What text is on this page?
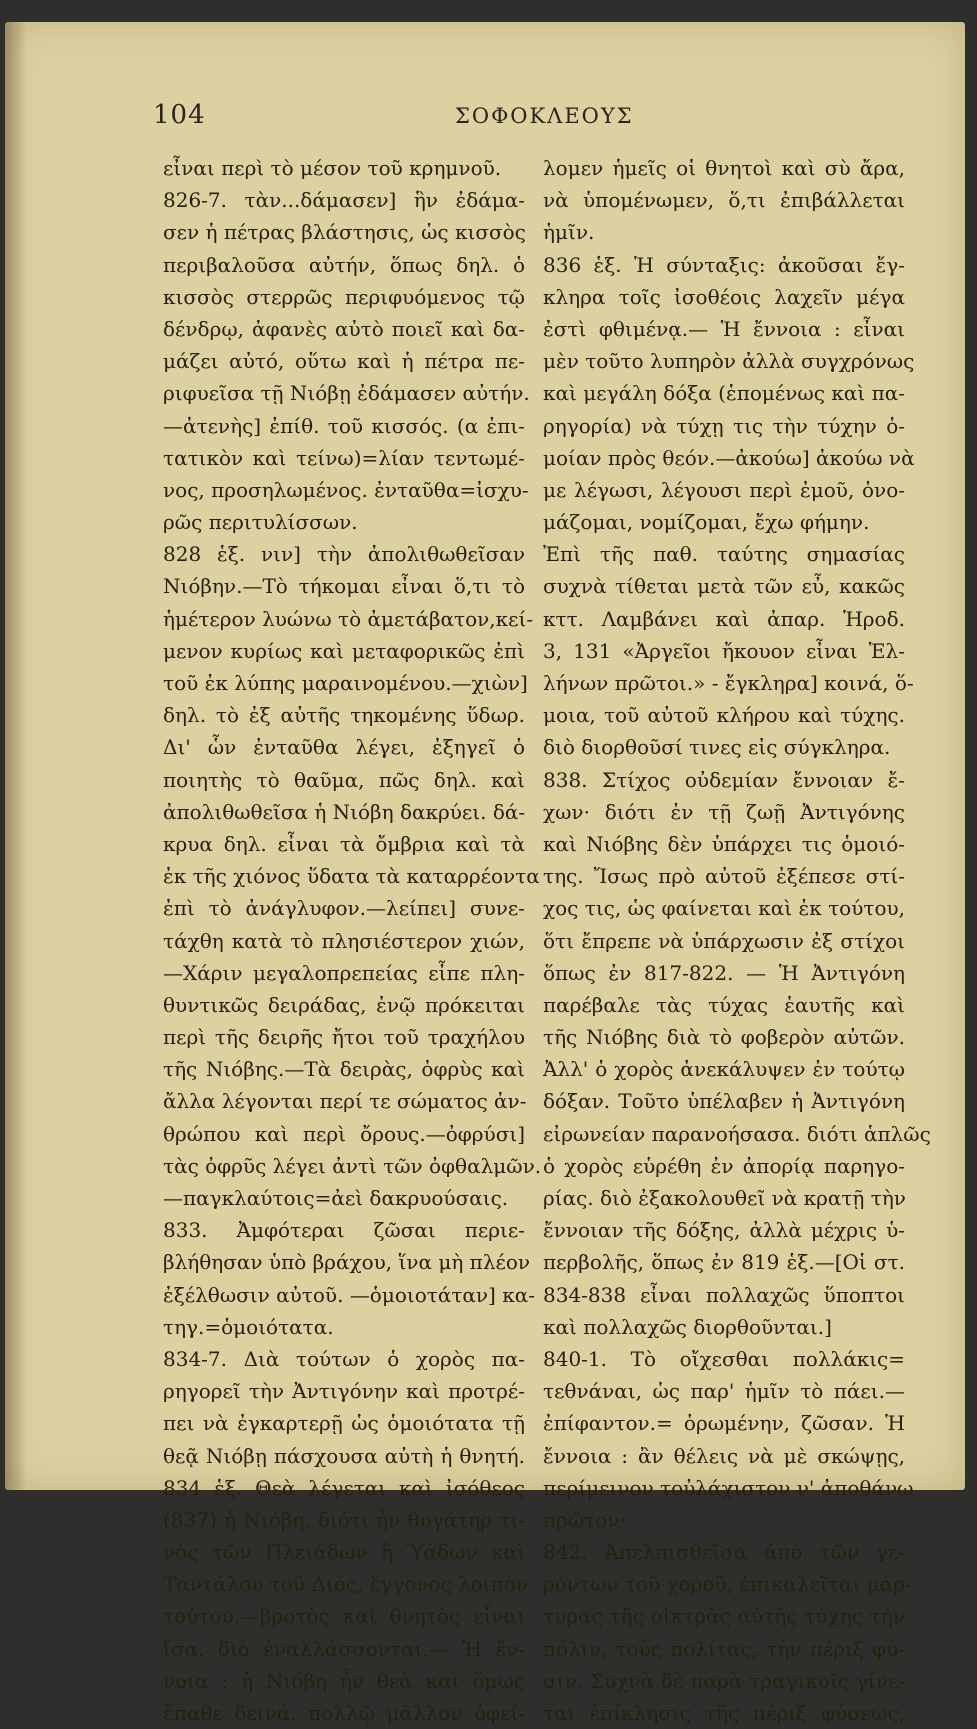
104	ΣΟΦΟΚΛΕΟΥΣ
εἶναι περὶ τὸ μέσον τοῦ κρημνοῦ.
826-7. τὰν...δάμασεν] ἣν ἐδάμα-
σεν ἡ πέτρας βλάστησις, ὡς κισσὸς
περιβαλοῦσα αὐτήν, ὅπως δηλ. ὁ
κισσὸς στερρῶς περιφυόμενος τῷ
δένδρῳ, ἀφανὲς αὐτὸ ποιεῖ καὶ δα-
μάζει αὐτό, οὕτω καὶ ἡ πέτρα πε-
ριφυεῖσα τῇ Νιόβῃ ἐδάμασεν αὐτήν.
—ἀτενὴς] ἐπίθ. τοῦ κισσός. (α ἐπι-
τατικὸν καὶ τείνω)=λίαν τεντωμέ-
νος, προσηλωμένος. ἐνταῦθα=ἰσχυ-
ρῶς περιτυλίσσων.
828 ἑξ. νιν] τὴν ἀπολιθωθεῖσαν
Νιόβην.—Τὸ τήκομαι εἶναι ὅ,τι τὸ
ἡμέτερον λυώνω τὸ ἀμετάβατον,κεί-
μενον κυρίως καὶ μεταφορικῶς ἐπὶ
τοῦ ἐκ λύπης μαραινομένου.—χιὼν]
δηλ. τὸ ἐξ αὐτῆς τηκομένης ὕδωρ.
Δι' ὧν ἐνταῦθα λέγει, ἐξηγεῖ ὁ
ποιητὴς τὸ θαῦμα, πῶς δηλ. καὶ
ἀπολιθωθεῖσα ἡ Νιόβη δακρύει. δά-
κρυα δηλ. εἶναι τὰ ὄμβρια καὶ τὰ
ἐκ τῆς χιόνος ὕδατα τὰ καταρρέοντα
ἐπὶ τὸ ἀνάγλυφον.—λείπει] συνε-
τάχθη κατὰ τὸ πλησιέστερον χιών,
—Χάριν μεγαλοπρεπείας εἶπε πλη-
θυντικῶς δειράδας, ἐνῷ πρόκειται
περὶ τῆς δειρῆς ἤτοι τοῦ τραχήλου
τῆς Νιόβης.—Τὰ δειρὰς, ὀφρὺς καὶ
ἄλλα λέγονται περί τε σώματος ἀν-
θρώπου καὶ περὶ ὄρους.—ὀφρύσι]
τὰς ὀφρῦς λέγει ἀντὶ τῶν ὀφθαλμῶν.
—παγκλαύτοις=ἀεὶ δακρυούσαις.
833. Ἀμφότεραι ζῶσαι περιε-
βλήθησαν ὑπὸ βράχου, ἵνα μὴ πλέον
ἐξέλθωσιν αὐτοῦ. —ὁμοιοτάταν] κα-
τηγ.=ὁμοιότατα.
834-7. Διὰ τούτων ὁ χορὸς πα-
ρηγορεῖ τὴν Ἀντιγόνην καὶ προτρέ-
πει νὰ ἐγκαρτερῇ ὡς ὁμοιότατα τῇ
θεᾷ Νιόβῃ πάσχουσα αὐτὴ ἡ θνητή.
834 ἑξ. Θεὰ λέγεται καὶ ἰσόθεος
(837) ἡ Νιόβη, διότι ἦν θυγάτηρ τι-
νὸς τῶν Πλειάδων ἢ Ὑάδων καὶ
Ταντάλου τοῦ Διός, ἔγγονος λοιπὸν
τούτου.—βροτὸς καὶ θνητὸς εἶναι
ἴσα. διὸ ἐναλλάσσονται.— Ἡ ἔν-
νοια : ἡ Νιόβη ἦν θεὰ καὶ ὅμως
ἔπαθε δεινά. πολλῷ μᾶλλον ὀφεί-
λομεν ἡμεῖς οἱ θνητοὶ καὶ σὺ ἄρα,
νὰ ὑπομένωμεν, ὅ,τι ἐπιβάλλεται
ἡμῖν.
836 ἑξ. Ἡ σύνταξις: ἀκοῦσαι ἔγ-
κληρα τοῖς ἰσοθέοις λαχεῖν μέγα
ἐστὶ φθιμένᾳ.— Ἡ ἔννοια : εἶναι
μὲν τοῦτο λυπηρὸν ἀλλὰ συγχρόνως
καὶ μεγάλη δόξα (ἑπομένως καὶ πα-
ρηγορία) νὰ τύχῃ τις τὴν τύχην ὁ-
μοίαν πρὸς θεόν.—ἀκούω] ἀκούω νὰ
με λέγωσι, λέγουσι περὶ ἐμοῦ, ὀνο-
μάζομαι, νομίζομαι, ἔχω φήμην.
Ἐπὶ τῆς παθ. ταύτης σημασίας
συχνὰ τίθεται μετὰ τῶν εὖ, κακῶς
κττ. Λαμβάνει καὶ ἀπαρ. Ἡροδ.
3, 131 «Ἀργεῖοι ἤκουον εἶναι Ἑλ-
λήνων πρῶτοι.» - ἔγκληρα] κοινά, ὅ-
μοια, τοῦ αὐτοῦ κλήρου καὶ τύχης.
διὸ διορθοῦσί τινες εἰς σύγκληρα.
838. Στίχος οὐδεμίαν ἔννοιαν ἔ-
χων· διότι ἐν τῇ ζωῇ Ἀντιγόνης
καὶ Νιόβης δὲν ὑπάρχει τις ὁμοιό-
της. Ἴσως πρὸ αὐτοῦ ἐξέπεσε στί-
χος τις, ὡς φαίνεται καὶ ἐκ τούτου,
ὅτι ἔπρεπε νὰ ὑπάρχωσιν ἐξ στίχοι
ὅπως ἐν 817-822. — Ἡ Ἀντιγόνη
παρέβαλε τὰς τύχας ἑαυτῆς καὶ
τῆς Νιόβης διὰ τὸ φοβερὸν αὐτῶν.
Ἀλλ' ὁ χορὸς ἀνεκάλυψεν ἐν τούτῳ
δόξαν. Τοῦτο ὑπέλαβεν ἡ Ἀντιγόνη
εἰρωνείαν παρανοήσασα. διότι ἁπλῶς
ὁ χορὸς εὑρέθη ἐν ἀπορίᾳ παρηγο-
ρίας. διὸ ἐξακολουθεῖ νὰ κρατῇ τὴν
ἔννοιαν τῆς δόξης, ἀλλὰ μέχρις ὑ-
περβολῆς, ὅπως ἐν 819 ἑξ.—[Οἱ στ.
834-838 εἶναι πολλαχῶς ὕποπτοι
καὶ πολλαχῶς διορθοῦνται.]
840-1. Τὸ οἴχεσθαι πολλάκις=
τεθνάναι, ὡς παρ' ἡμῖν τὸ πάει.—
ἐπίφαντον.= ὁρωμένην, ζῶσαν. Ἡ
ἔννοια : ἂν θέλεις νὰ μὲ σκώψῃς,
περίμεινον τοὐλάχιστον ν' ἀποθάνω
πρῶτον·
842. Ἀπελπισθεῖσα ἀπὸ τῶν γε-
ρόντων τοῦ χοροῦ, ἐπικαλεῖται μάρ-
τυρας τῆς οἰκτρᾶς αὐτῆς τύχης τὴν
πόλιν, τοὺς πολίτας, τὴν πέριξ φύ-
σιν. Συχνὰ δὲ παρὰ τραγικοῖς γίνε-
ται ἐπίκλησις τῆς πέριξ φύσεως,
